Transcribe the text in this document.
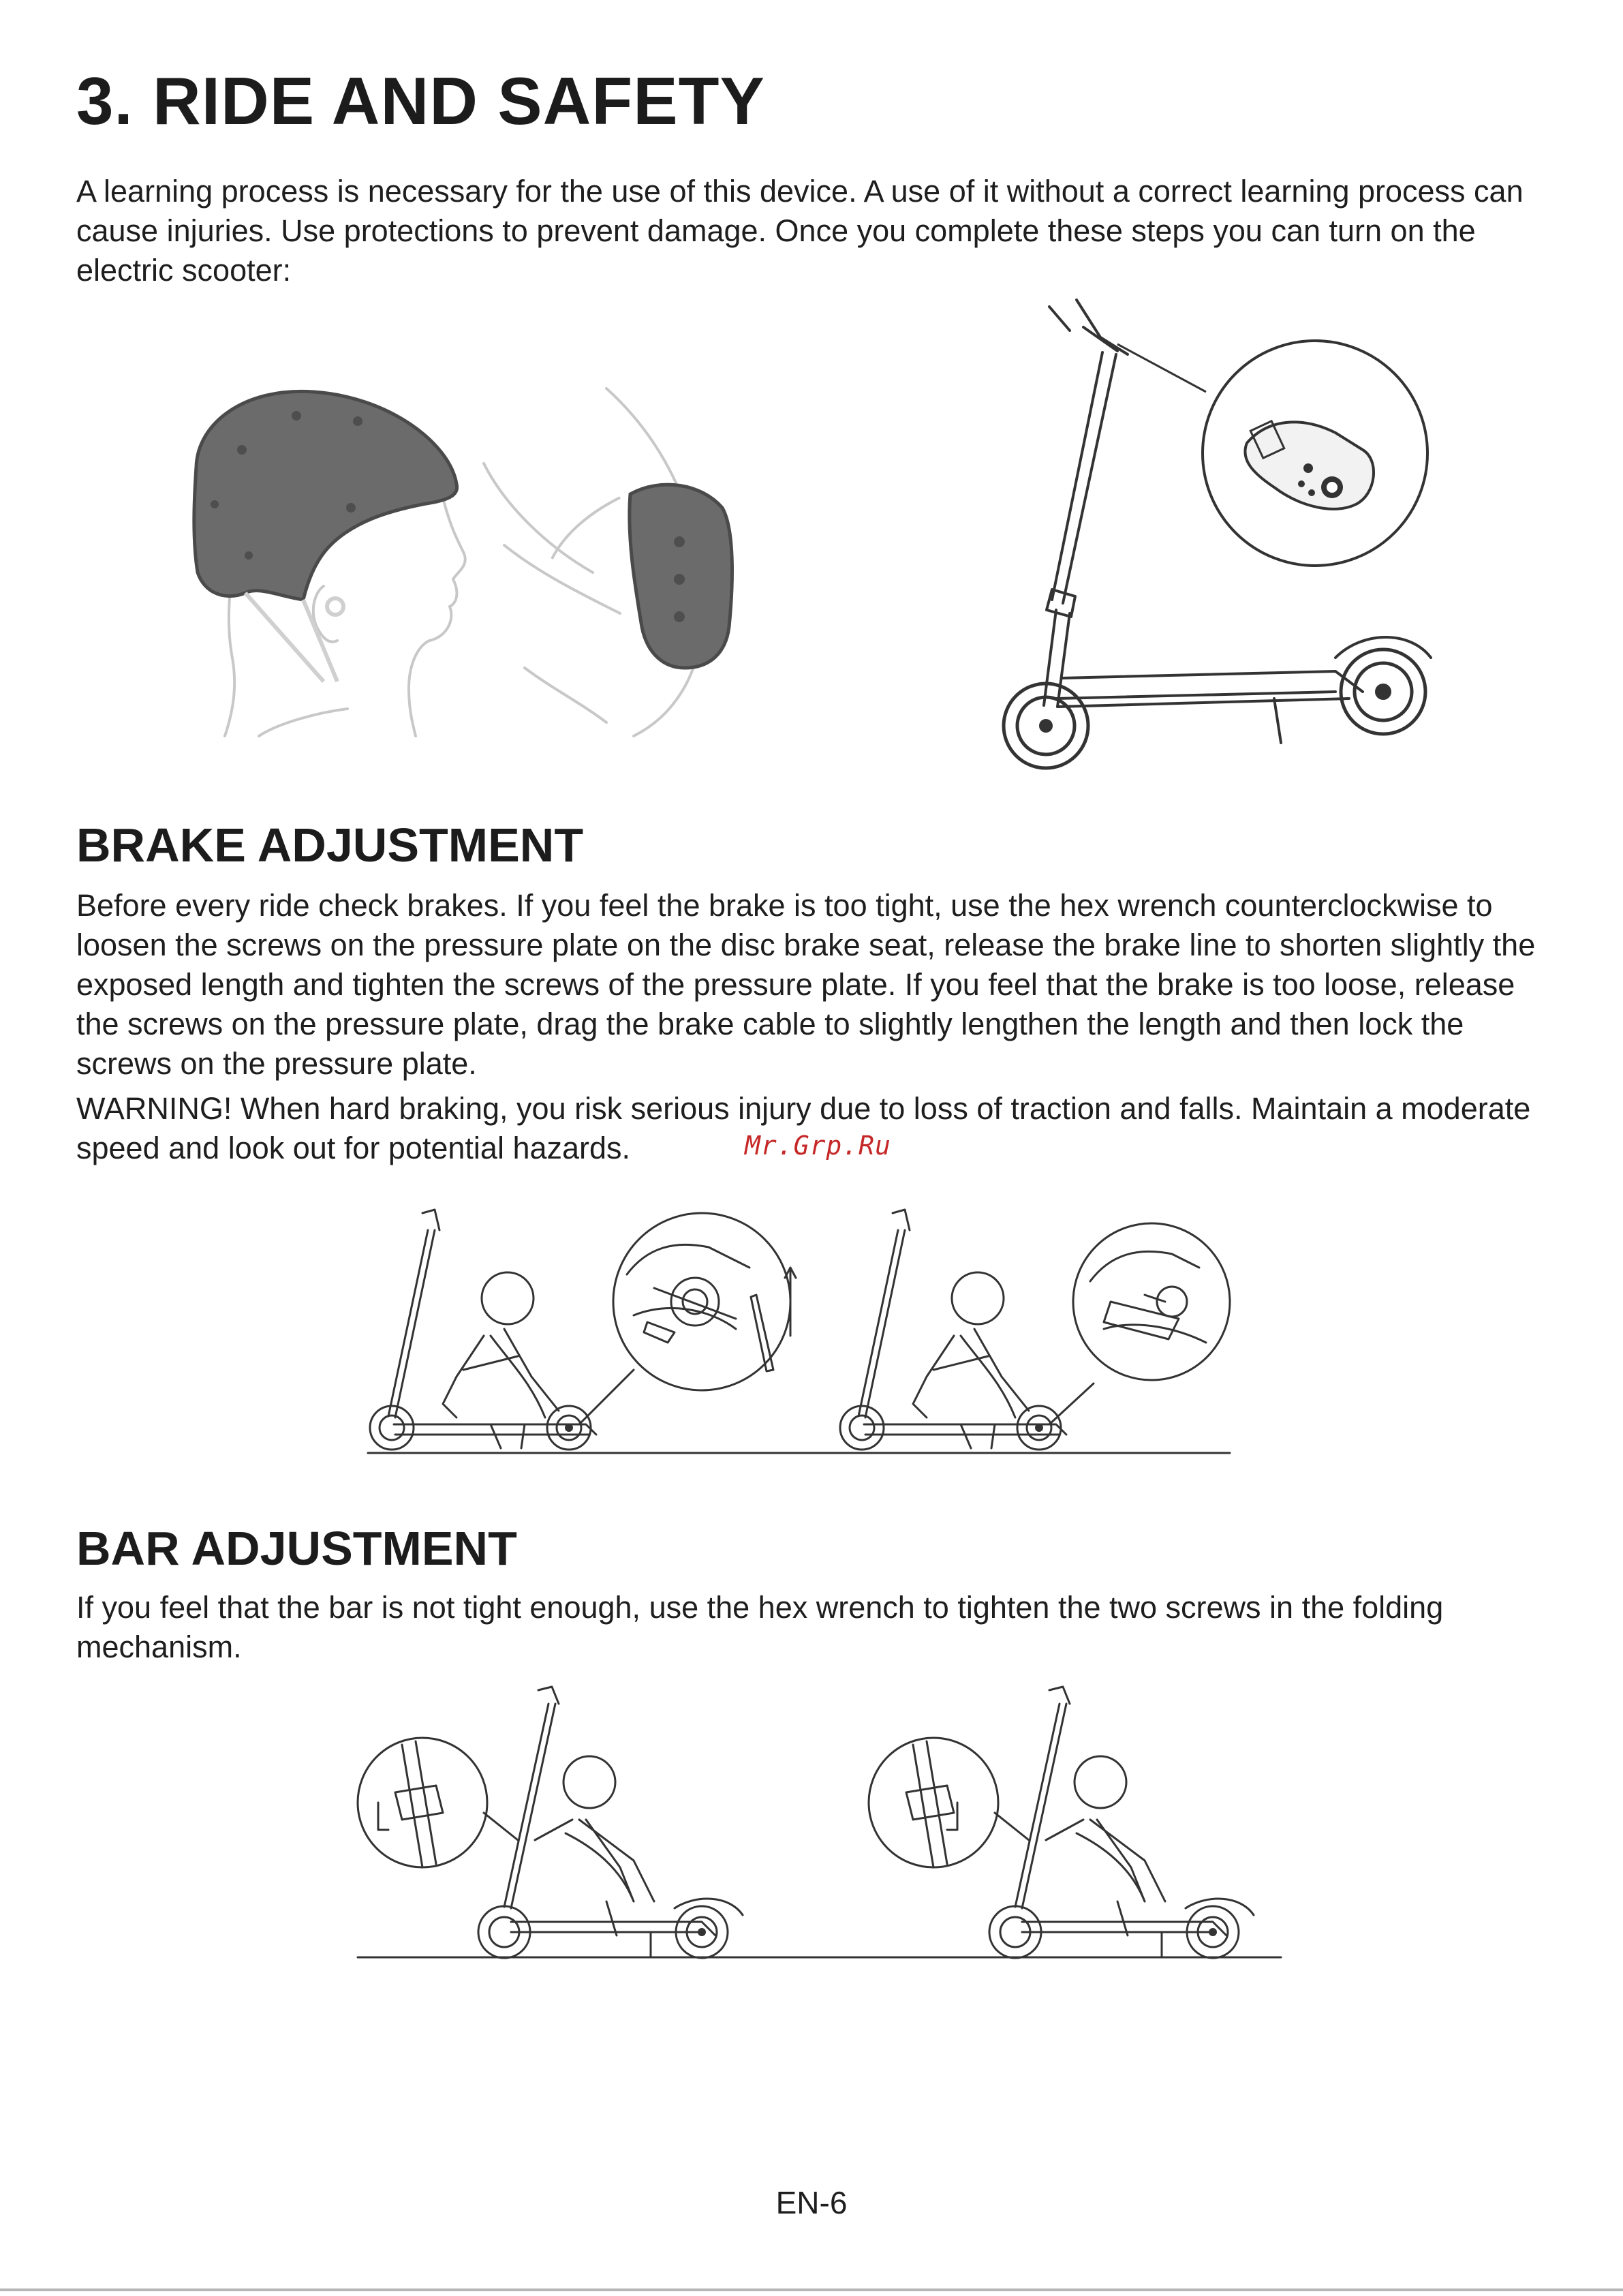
3. RIDE AND SAFETY

A learning process is necessary for the use of this device. A use of it without a correct learning process can cause injuries. Use protections to prevent damage. Once you complete these steps you can turn on the electric scooter:

BRAKE ADJUSTMENT

Before every ride check brakes. If you feel the brake is too tight, use the hex wrench counterclockwise to loosen the screws on the pressure plate on the disc brake seat, release the brake line to shorten slightly the exposed length and tighten the screws of the pressure plate. If you feel that the brake is too loose, release the screws on the pressure plate, drag the brake cable to slightly lengthen the length and then lock the screws on the pressure plate.

WARNING! When hard braking, you risk serious injury due to loss of traction and falls. Maintain a moderate speed and look out for potential hazards.	Mr.Grp.Ru
BAR ADJUSTMENT

If you feel that the bar is not tight enough, use the hex wrench to tighten the two screws in the folding mechanism.

EN-6
